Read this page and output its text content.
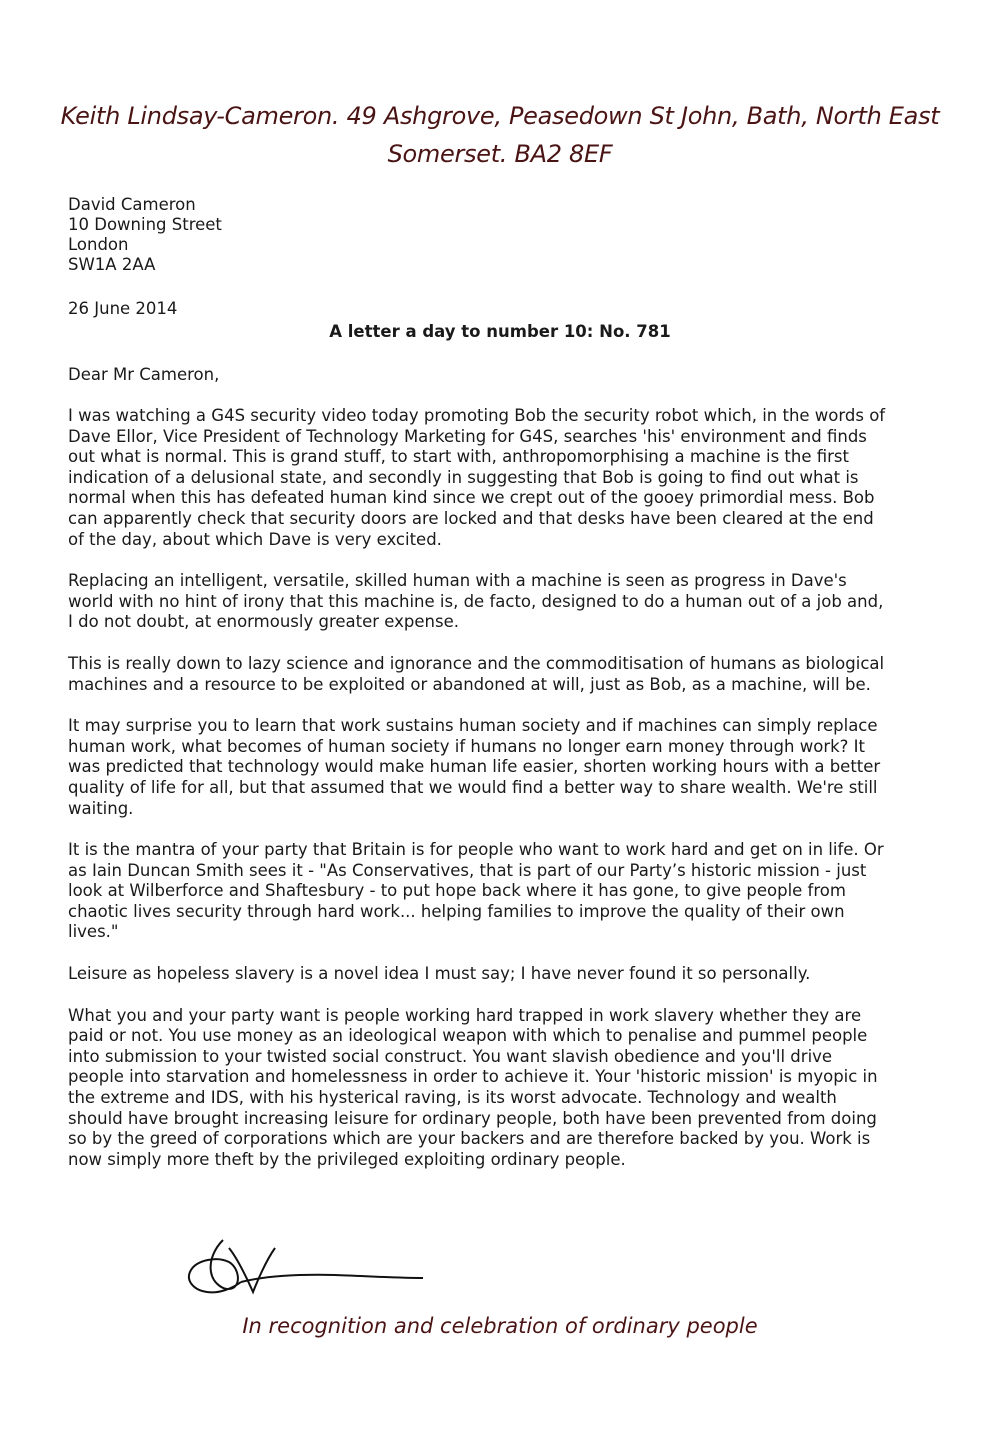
Keith Lindsay-Cameron. 49 Ashgrove, Peasedown St John, Bath, North East
Somerset. BA2 8EF
David Cameron
10 Downing Street
London
SW1A 2AA
26 June 2014
A letter a day to number 10: No. 781
Dear Mr Cameron,

I was watching a G4S security video today promoting Bob the security robot which, in the words of Dave Ellor, Vice President of Technology Marketing for G4S, searches 'his' environment and finds out what is normal. This is grand stuff, to start with, anthropomorphising a machine is the first indication of a delusional state, and secondly in suggesting that Bob is going to find out what is normal when this has defeated human kind since we crept out of the gooey primordial mess. Bob can apparently check that security doors are locked and that desks have been cleared at the end of the day, about which Dave is very excited.

Replacing an intelligent, versatile, skilled human with a machine is seen as progress in Dave's world with no hint of irony that this machine is, de facto, designed to do a human out of a job and, I do not doubt, at enormously greater expense.

This is really down to lazy science and ignorance and the commoditisation of humans as biological machines and a resource to be exploited or abandoned at will, just as Bob, as a machine, will be.

It may surprise you to learn that work sustains human society and if machines can simply replace human work, what becomes of human society if humans no longer earn money through work? It was predicted that technology would make human life easier, shorten working hours with a better quality of life for all, but that assumed that we would find a better way to share wealth. We're still waiting.

It is the mantra of your party that Britain is for people who want to work hard and get on in life. Or as Iain Duncan Smith sees it - "As Conservatives, that is part of our Party’s historic mission - just look at Wilberforce and Shaftesbury - to put hope back where it has gone, to give people from chaotic lives security through hard work... helping families to improve the quality of their own lives."

Leisure as hopeless slavery is a novel idea I must say; I have never found it so personally.

What you and your party want is people working hard trapped in work slavery whether they are paid or not. You use money as an ideological weapon with which to penalise and pummel people into submission to your twisted social construct. You want slavish obedience and you'll drive people into starvation and homelessness in order to achieve it. Your 'historic mission' is myopic in the extreme and IDS, with his hysterical raving, is its worst advocate. Technology and wealth should have brought increasing leisure for ordinary people, both have been prevented from doing so by the greed of corporations which are your backers and are therefore backed by you. Work is now simply more theft by the privileged exploiting ordinary people.

In recognition and celebration of ordinary people
